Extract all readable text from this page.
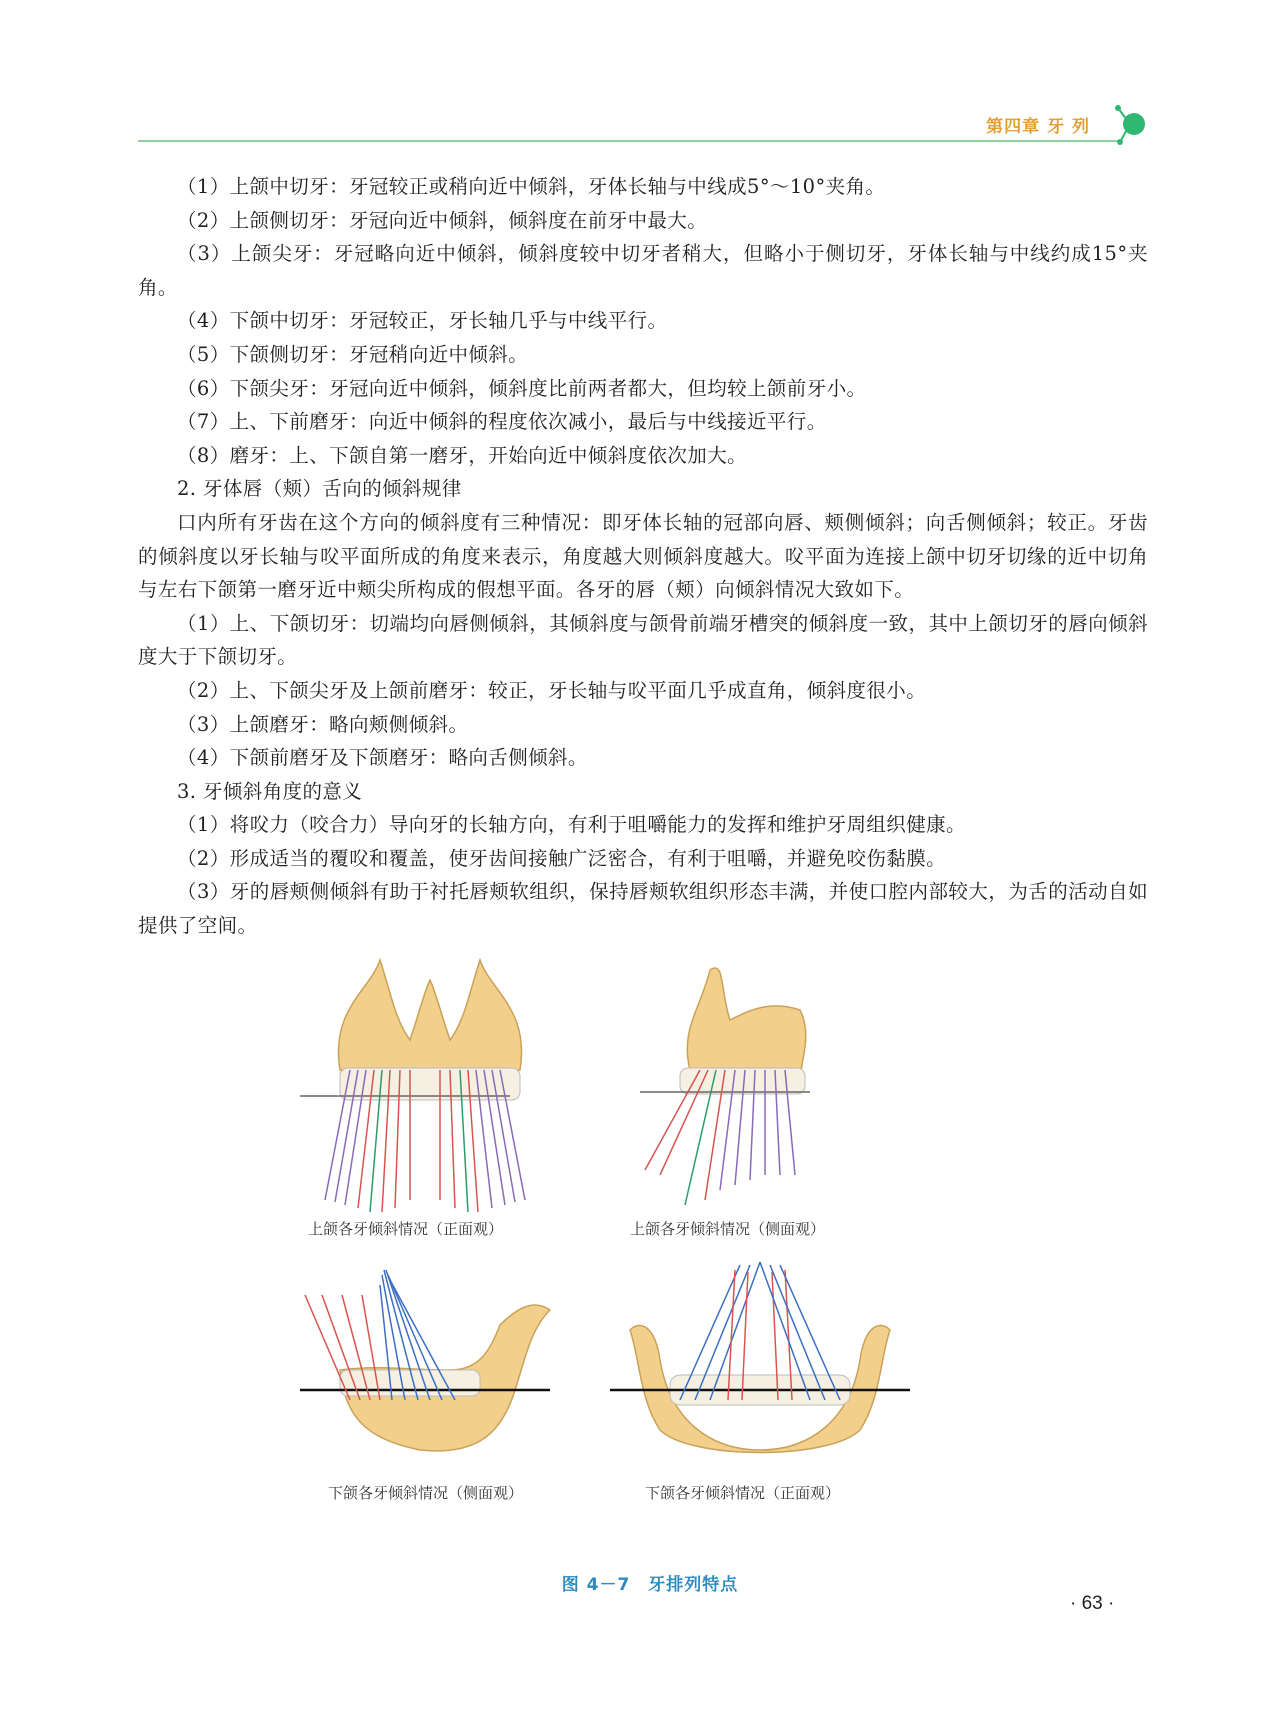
第四章 牙 列

（1）上颌中切牙：牙冠较正或稍向近中倾斜，牙体长轴与中线成5°～10°夹角。

（2）上颌侧切牙：牙冠向近中倾斜，倾斜度在前牙中最大。

（3）上颌尖牙：牙冠略向近中倾斜，倾斜度较中切牙者稍大，但略小于侧切牙，牙体长轴与中线约成15°夹角。

（4）下颌中切牙：牙冠较正，牙长轴几乎与中线平行。

（5）下颌侧切牙：牙冠稍向近中倾斜。

（6）下颌尖牙：牙冠向近中倾斜，倾斜度比前两者都大，但均较上颌前牙小。

（7）上、下前磨牙：向近中倾斜的程度依次减小，最后与中线接近平行。

（8）磨牙：上、下颌自第一磨牙，开始向近中倾斜度依次加大。

2. 牙体唇（颊）舌向的倾斜规律

口内所有牙齿在这个方向的倾斜度有三种情况：即牙体长轴的冠部向唇、颊侧倾斜；向舌侧倾斜；较正。牙齿的倾斜度以牙长轴与㕮平面所成的角度来表示，角度越大则倾斜度越大。㕮平面为连接上颌中切牙切缘的近中切角与左右下颌第一磨牙近中颊尖所构成的假想平面。各牙的唇（颊）向倾斜情况大致如下。

（1）上、下颌切牙：切端均向唇侧倾斜，其倾斜度与颌骨前端牙槽突的倾斜度一致，其中上颌切牙的唇向倾斜度大于下颌切牙。

（2）上、下颌尖牙及上颌前磨牙：较正，牙长轴与㕮平面几乎成直角，倾斜度很小。

（3）上颌磨牙：略向颊侧倾斜。

（4）下颌前磨牙及下颌磨牙：略向舌侧倾斜。

3. 牙倾斜角度的意义

（1）将㕮力（咬合力）导向牙的长轴方向，有利于咀嚼能力的发挥和维护牙周组织健康。

（2）形成适当的覆㕮和覆盖，使牙齿间接触广泛密合，有利于咀嚼，并避免咬伤黏膜。

（3）牙的唇颊侧倾斜有助于衬托唇颊软组织，保持唇颊软组织形态丰满，并使口腔内部较大，为舌的活动自如提供了空间。

上颌各牙倾斜情况（正面观）	上颌各牙倾斜情况（侧面观）
下颌各牙倾斜情况（侧面观）	下颌各牙倾斜情况（正面观）
图 4－7　牙排列特点
· 63 ·
